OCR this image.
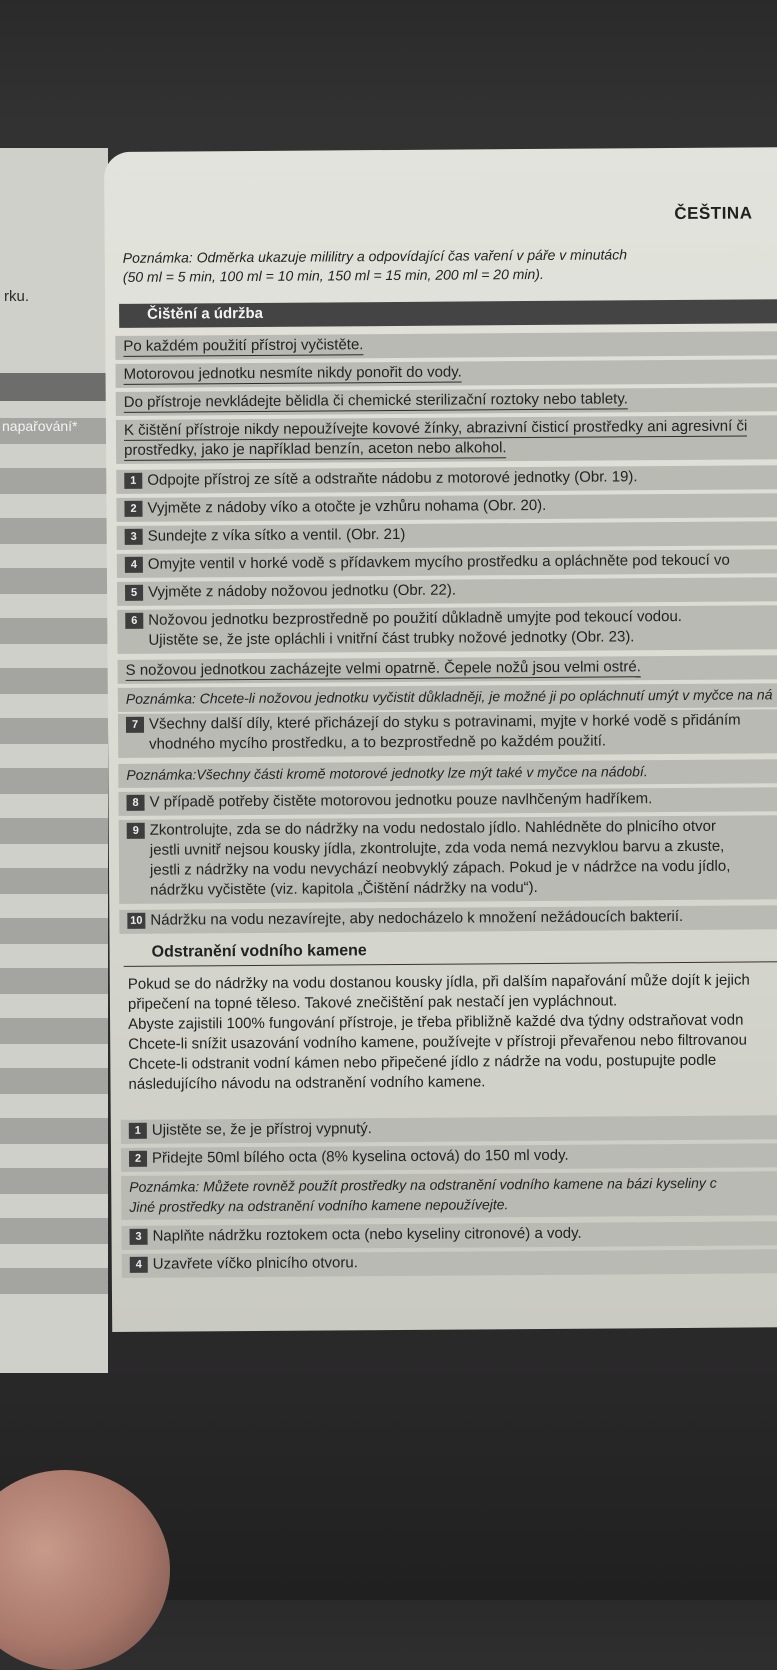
rku.
napařování*
ČEŠTINA
Poznámka: Odměrka ukazuje mililitry a odpovídající čas vaření v páře v minutách
(50 ml = 5 min, 100 ml = 10 min, 150 ml = 15 min, 200 ml = 20 min).
Čištění a údržba
Po každém použití přístroj vyčistěte.
Motorovou jednotku nesmíte nikdy ponořit do vody.
Do přístroje nevkládejte bělidla či chemické sterilizační roztoky nebo tablety.
K čištění přístroje nikdy nepoužívejte kovové žínky, abrazivní čisticí prostředky ani agresivní či
prostředky, jako je například benzín, aceton nebo alkohol.
1 Odpojte přístroj ze sítě a odstraňte nádobu z motorové jednotky (Obr. 19).
2 Vyjměte z nádoby víko a otočte je vzhůru nohama (Obr. 20).
3 Sundejte z víka sítko a ventil. (Obr. 21)
4 Omyjte ventil v horké vodě s přídavkem mycího prostředku a opláchněte pod tekoucí vo
5 Vyjměte z nádoby nožovou jednotku (Obr. 22).
6 Nožovou jednotku bezprostředně po použití důkladně umyjte pod tekoucí vodou.
Ujistěte se, že jste opláchli i vnitřní část trubky nožové jednotky (Obr. 23).
S nožovou jednotkou zacházejte velmi opatrně. Čepele nožů jsou velmi ostré.
Poznámka: Chcete-li nožovou jednotku vyčistit důkladněji, je možné ji po opláchnutí umýt v myčce na ná
7 Všechny další díly, které přicházejí do styku s potravinami, myjte v horké vodě s přidáním
vhodného mycího prostředku, a to bezprostředně po každém použití.
Poznámka:Všechny části kromě motorové jednotky lze mýt také v myčce na nádobí.
8 V případě potřeby čistěte motorovou jednotku pouze navlhčeným hadříkem.
9 Zkontrolujte, zda se do nádržky na vodu nedostalo jídlo. Nahlédněte do plnicího otvor
jestli uvnitř nejsou kousky jídla, zkontrolujte, zda voda nemá nezvyklou barvu a zkuste,
jestli z nádržky na vodu nevychází neobvyklý zápach. Pokud je v nádržce na vodu jídlo,
nádržku vyčistěte (viz. kapitola „Čištění nádržky na vodu“).
10 Nádržku na vodu nezavírejte, aby nedocházelo k množení nežádoucích bakterií.
Odstranění vodního kamene
Pokud se do nádržky na vodu dostanou kousky jídla, při dalším napařování může dojít k jejich
připečení na topné těleso. Takové znečištění pak nestačí jen vypláchnout.
Abyste zajistili 100% fungování přístroje, je třeba přibližně každé dva týdny odstraňovat vodn
Chcete-li snížit usazování vodního kamene, používejte v přístroji převařenou nebo filtrovanou
Chcete-li odstranit vodní kámen nebo připečené jídlo z nádrže na vodu, postupujte podle
následujícího návodu na odstranění vodního kamene.
1 Ujistěte se, že je přístroj vypnutý.
2 Přidejte 50ml bílého octa (8% kyselina octová) do 150 ml vody.
Poznámka: Můžete rovněž použít prostředky na odstranění vodního kamene na bázi kyseliny c
Jiné prostředky na odstranění vodního kamene nepoužívejte.
3 Naplňte nádržku roztokem octa (nebo kyseliny citronové) a vody.
4 Uzavřete víčko plnicího otvoru.
